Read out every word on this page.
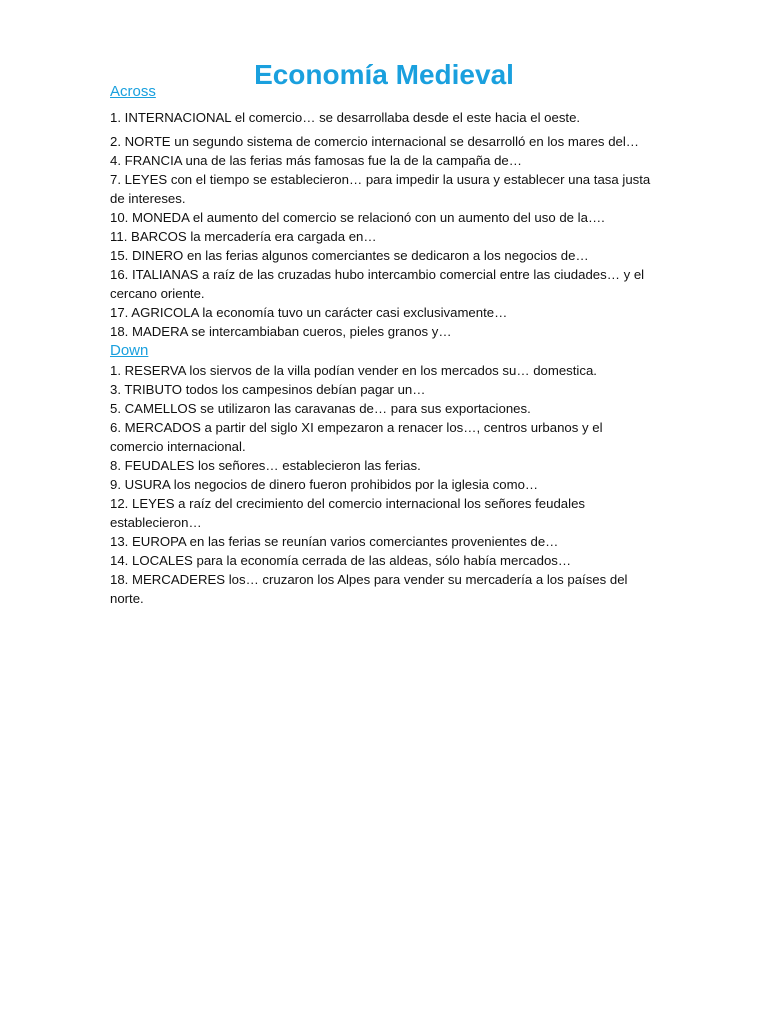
Economía Medieval
Across

1. INTERNACIONAL el comercio… se desarrollaba desde el este hacia el oeste.

2. NORTE un segundo sistema de comercio internacional se desarrolló en los mares del…

4. FRANCIA una de las ferias más famosas fue la de la campaña de…

7. LEYES con el tiempo se establecieron… para impedir la usura y establecer una tasa justa de intereses.

10. MONEDA el aumento del comercio se relacionó con un aumento del uso de la….

11. BARCOS la mercadería era cargada en…

15. DINERO en las ferias algunos comerciantes se dedicaron a los negocios de…

16. ITALIANAS a raíz de las cruzadas hubo intercambio comercial entre las ciudades… y el cercano oriente.

17. AGRICOLA la economía tuvo un carácter casi exclusivamente…

18. MADERA se intercambiaban cueros, pieles granos y…

Down

1. RESERVA los siervos de la villa podían vender en los mercados su… domestica.

3. TRIBUTO todos los campesinos debían pagar un…

5. CAMELLOS se utilizaron las caravanas de… para sus exportaciones.

6. MERCADOS a partir del siglo XI empezaron a renacer los…, centros urbanos y el comercio internacional.

8. FEUDALES los señores… establecieron las ferias.

9. USURA los negocios de dinero fueron prohibidos por la iglesia como…

12. LEYES a raíz del crecimiento del comercio internacional los señores feudales establecieron…

13. EUROPA en las ferias se reunían varios comerciantes provenientes de…

14. LOCALES para la economía cerrada de las aldeas, sólo había mercados…

18. MERCADERES los… cruzaron los Alpes para vender su mercadería a los países del norte.
